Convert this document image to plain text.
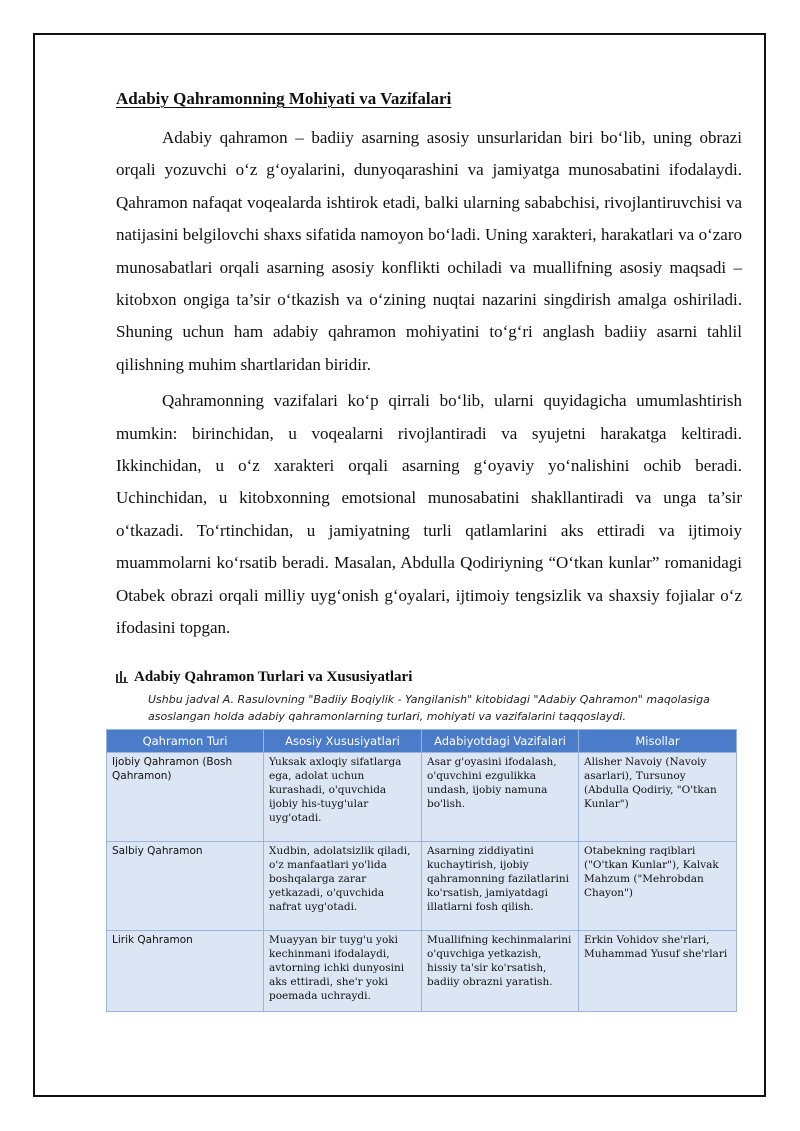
Adabiy Qahramonning Mohiyati va Vazifalari

Adabiy qahramon – badiiy asarning asosiy unsurlaridan biri bo‘lib, uning obrazi orqali yozuvchi o‘z g‘oyalarini, dunyoqarashini va jamiyatga munosabatini ifodalaydi. Qahramon nafaqat voqealarda ishtirok etadi, balki ularning sababchisi, rivojlantiruvchisi va natijasini belgilovchi shaxs sifatida namoyon bo‘ladi. Uning xarakteri, harakatlari va o‘zaro munosabatlari orqali asarning asosiy konflikti ochiladi va muallifning asosiy maqsadi – kitobxon ongiga ta’sir o‘tkazish va o‘zining nuqtai nazarini singdirish amalga oshiriladi. Shuning uchun ham adabiy qahramon mohiyatini to‘g‘ri anglash badiiy asarni tahlil qilishning muhim shartlaridan biridir.

Qahramonning vazifalari ko‘p qirrali bo‘lib, ularni quyidagicha umumlashtirish mumkin: birinchidan, u voqealarni rivojlantiradi va syujetni harakatga keltiradi. Ikkinchidan, u o‘z xarakteri orqali asarning g‘oyaviy yo‘nalishini ochib beradi. Uchinchidan, u kitobxonning emotsional munosabatini shakllantiradi va unga ta’sir o‘tkazadi. To‘rtinchidan, u jamiyatning turli qatlamlarini aks ettiradi va ijtimoiy muammolarni ko‘rsatib beradi. Masalan, Abdulla Qodiriyning “O‘tkan kunlar” romanidagi Otabek obrazi orqali milliy uyg‘onish g‘oyalari, ijtimoiy tengsizlik va shaxsiy fojialar o‘z ifodasini topgan.

Adabiy Qahramon Turlari va Xususiyatlari
Ushbu jadval A. Rasulovning "Badiiy Boqiylik - Yangilanish" kitobidagi "Adabiy Qahramon" maqolasiga asoslangan holda adabiy qahramonlarning turlari, mohiyati va vazifalarini taqqoslaydi.
Qahramon Turi	Asosiy Xususiyatlari	Adabiyotdagi Vazifalari	Misollar
Ijobiy Qahramon (Bosh Qahramon)	Yuksak axloqiy sifatlarga ega, adolat uchun kurashadi, o'quvchida ijobiy his-tuyg'ular uyg'otadi.	Asar g'oyasini ifodalash, o'quvchini ezgulikka undash, ijobiy namuna bo'lish.	Alisher Navoiy (Navoiy asarlari), Tursunoy (Abdulla Qodiriy, "O'tkan Kunlar")
Salbiy Qahramon	Xudbin, adolatsizlik qiladi, o'z manfaatlari yo'lida boshqalarga zarar yetkazadi, o'quvchida nafrat uyg'otadi.	Asarning ziddiyatini kuchaytirish, ijobiy qahramonning fazilatlarini ko'rsatish, jamiyatdagi illatlarni fosh qilish.	Otabekning raqiblari ("O'tkan Kunlar"), Kalvak Mahzum ("Mehrobdan Chayon")
Lirik Qahramon	Muayyan bir tuyg'u yoki kechinmani ifodalaydi, avtorning ichki dunyosini aks ettiradi, she'r yoki poemada uchraydi.	Muallifning kechinmalarini o'quvchiga yetkazish, hissiy ta'sir ko'rsatish, badiiy obrazni yaratish.	Erkin Vohidov she'rlari, Muhammad Yusuf she'rlari
